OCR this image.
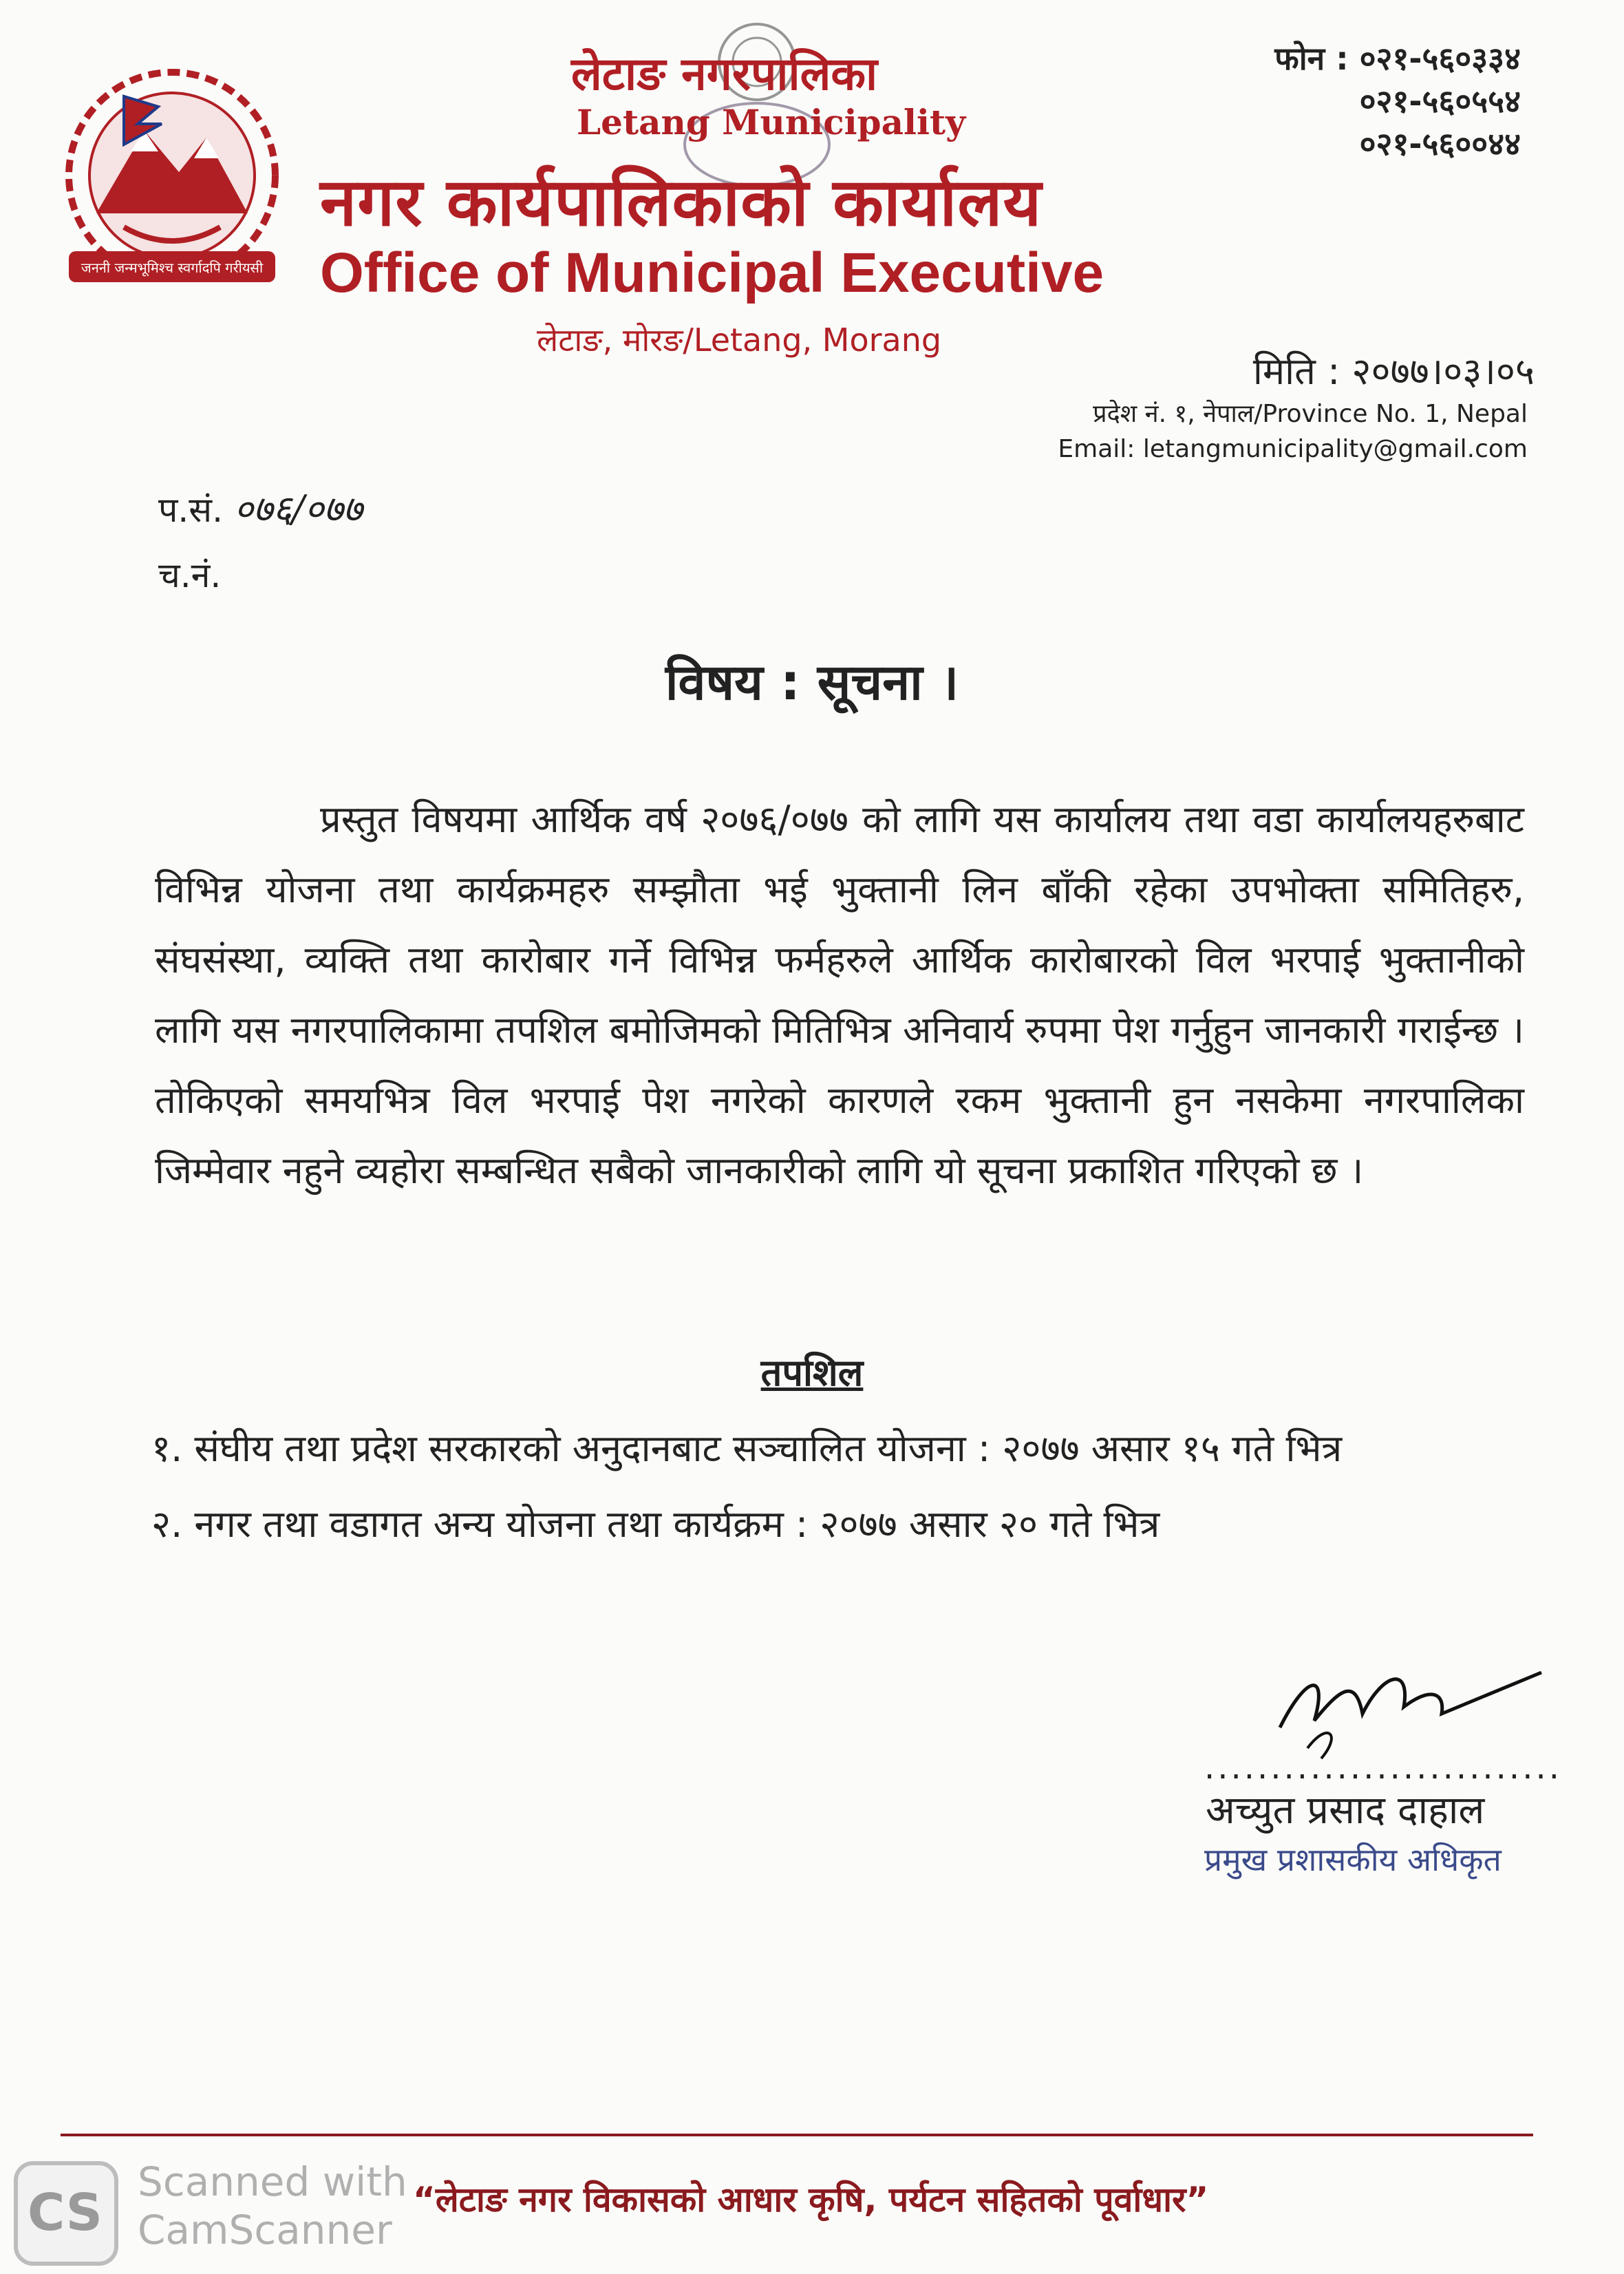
जननी जन्मभूमिश्च स्वर्गादपि गरीयसी
लेटाङ नगरपालिका
Letang Municipality
नगर कार्यपालिकाको कार्यालय
Office of Municipal Executive
लेटाङ, मोरङ/Letang, Morang
फोन : ०२१-५६०३३४
०२१-५६०५५४
०२१-५६००४४
मिति : २०७७।०३।०५
प्रदेश नं. १, नेपाल/Province No. 1, Nepal
Email: letangmunicipality@gmail.com
प.सं. ०७६/०७७
च.नं.
विषय : सूचना ।
प्रस्तुत विषयमा आर्थिक वर्ष २०७६/०७७ को लागि यस कार्यालय तथा वडा कार्यालयहरुबाट विभिन्न योजना तथा कार्यक्रमहरु सम्झौता भई भुक्तानी लिन बाँकी रहेका उपभोक्ता समितिहरु, संघसंस्था, व्यक्ति तथा कारोबार गर्ने विभिन्न फर्महरुले आर्थिक कारोबारको विल भरपाई भुक्तानीको लागि यस नगरपालिकामा तपशिल बमोजिमको मितिभित्र अनिवार्य रुपमा पेश गर्नुहुन जानकारी गराईन्छ । तोकिएको समयभित्र विल भरपाई पेश नगरेको कारणले रकम भुक्तानी हुन नसकेमा नगरपालिका जिम्मेवार नहुने व्यहोरा सम्बन्धित सबैको जानकारीको लागि यो सूचना प्रकाशित गरिएको छ ।
तपशिल
१. संघीय तथा प्रदेश सरकारको अनुदानबाट सञ्चालित योजना : २०७७ असार १५ गते भित्र
२. नगर तथा वडागत अन्य योजना तथा कार्यक्रम : २०७७ असार २० गते भित्र
...........................
अच्युत प्रसाद दाहाल
प्रमुख प्रशासकीय अधिकृत
“लेटाङ नगर विकासको आधार कृषि, पर्यटन सहितको पूर्वाधार”
CS
Scanned with
CamScanner
